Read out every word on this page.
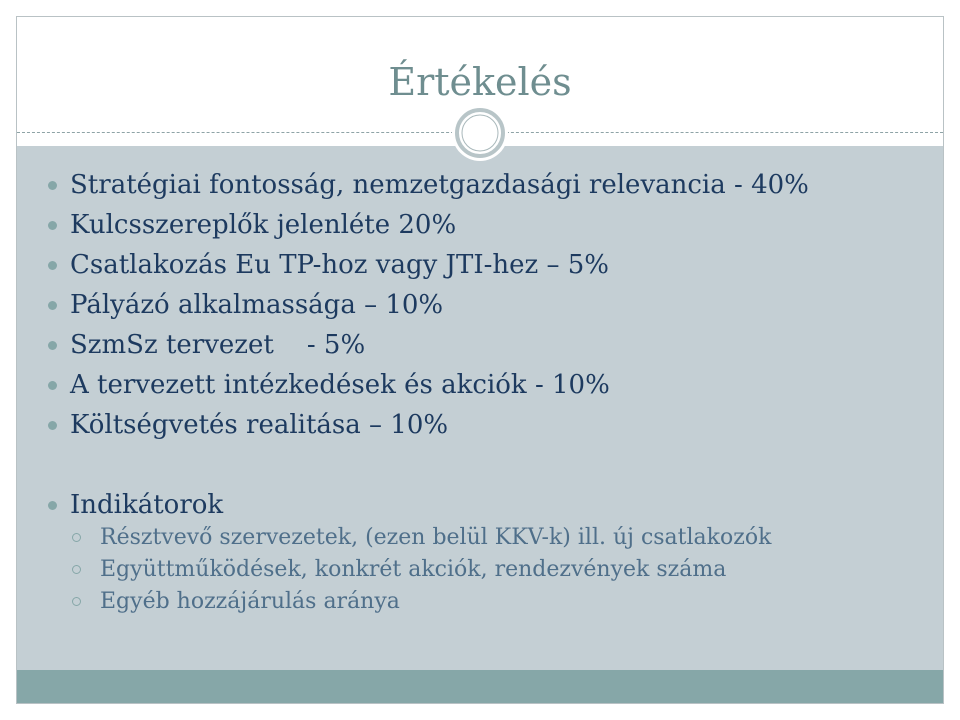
Értékelés
Stratégiai fontosság, nemzetgazdasági relevancia - 40%
Kulcsszereplők jelenléte 20%
Csatlakozás Eu TP-hoz vagy JTI-hez – 5%
Pályázó alkalmassága – 10%
SzmSz tervezet    - 5%
A tervezett intézkedések és akciók - 10%
Költségvetés realitása – 10%
Indikátorok
Résztvevő szervezetek, (ezen belül KKV-k) ill. új csatlakozók
Együttműködések, konkrét akciók, rendezvények száma
Egyéb hozzájárulás aránya
